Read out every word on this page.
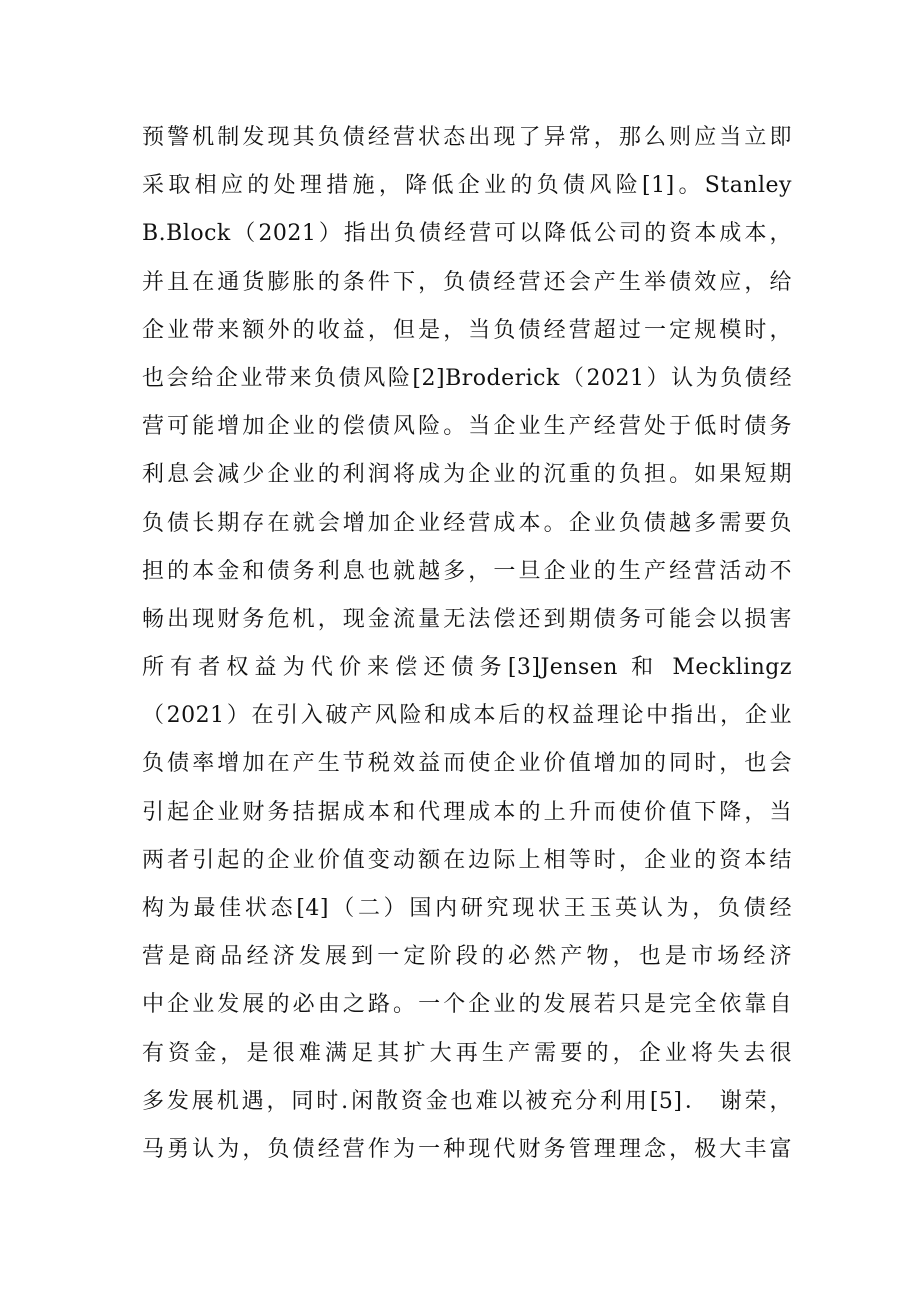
预警机制发现其负债经营状态出现了异常，那么则应当立即
采取相应的处理措施，降低企业的负债风险[1]。Stanley
B.Block（2021）指出负债经营可以降低公司的资本成本，
并且在通货膨胀的条件下，负债经营还会产生举债效应，给
企业带来额外的收益，但是，当负债经营超过一定规模时，
也会给企业带来负债风险[2]Broderick（2021）认为负债经
营可能增加企业的偿债风险。当企业生产经营处于低时债务
利息会减少企业的利润将成为企业的沉重的负担。如果短期
负债长期存在就会增加企业经营成本。企业负债越多需要负
担的本金和债务利息也就越多，一旦企业的生产经营活动不
畅出现财务危机，现金流量无法偿还到期债务可能会以损害
所有者权益为代价来偿还债务[3]Jensen 和 Mecklingz
（2021）在引入破产风险和成本后的权益理论中指出，企业
负债率增加在产生节税效益而使企业价值增加的同时，也会
引起企业财务拮据成本和代理成本的上升而使价值下降，当
两者引起的企业价值变动额在边际上相等时，企业的资本结
构为最佳状态[4]（二）国内研究现状王玉英认为，负债经
营是商品经济发展到一定阶段的必然产物，也是市场经济
中企业发展的必由之路。一个企业的发展若只是完全依靠自
有资金，是很难满足其扩大再生产需要的，企业将失去很
多发展机遇，同时.闲散资金也难以被充分利用[5]． 谢荣，
马勇认为，负债经营作为一种现代财务管理理念，极大丰富
